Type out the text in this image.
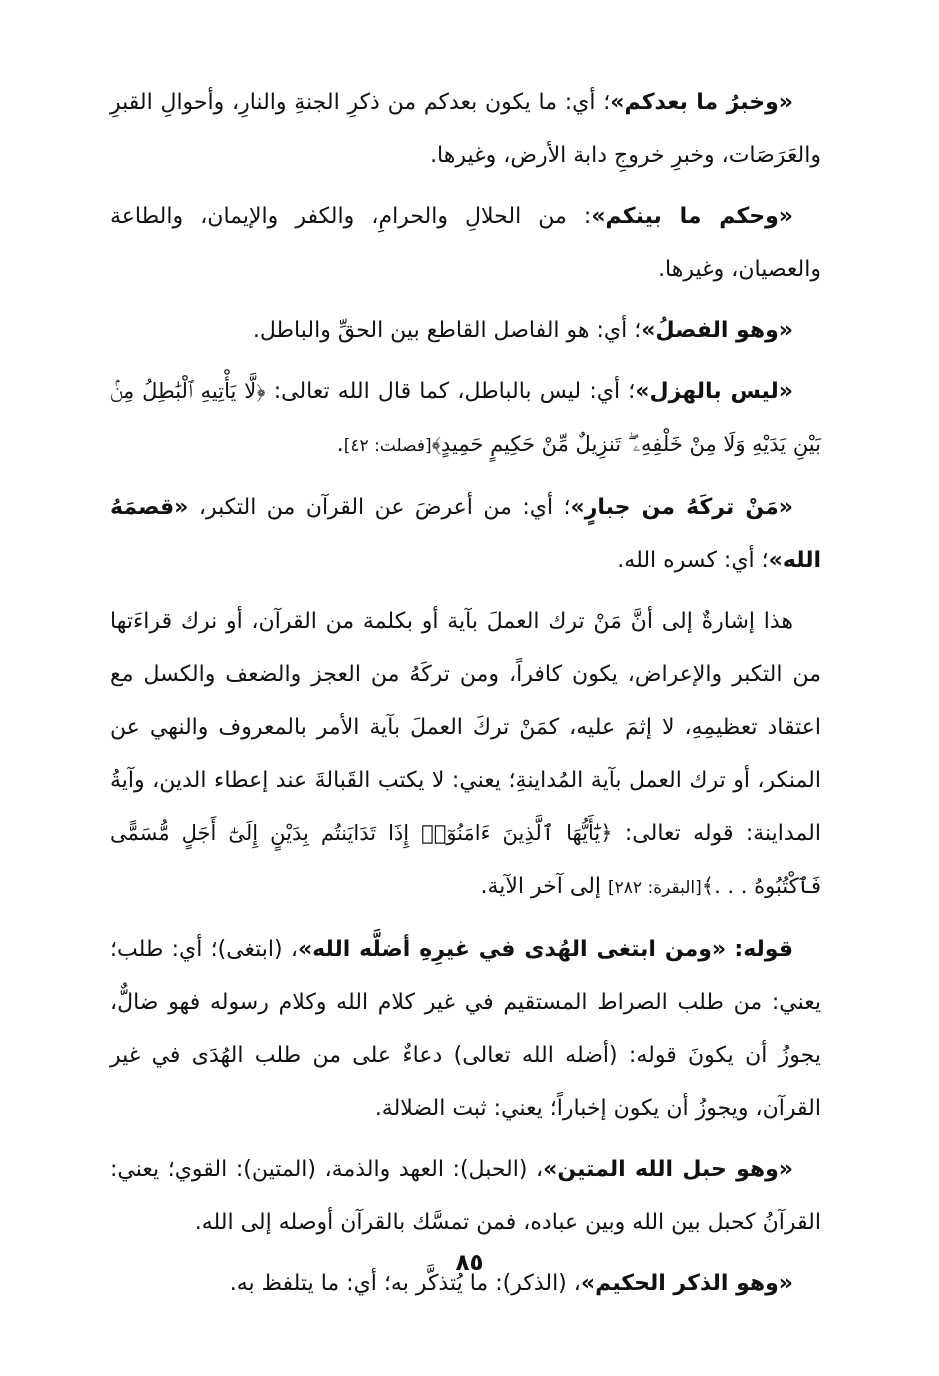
«وخبرُ ما بعدكم»؛ أي: ما يكون بعدكم من ذكرِ الجنةِ والنارِ، وأحوالِ القبرِ والعَرَصَات، وخبرِ خروجِ دابة الأرض، وغيرها.

«وحكم ما بينكم»: من الحلالِ والحرامِ، والكفر والإيمان، والطاعة والعصيان، وغيرها.

«وهو الفصلُ»؛ أي: هو الفاصل القاطع بين الحقِّ والباطل.

«ليس بالهزل»؛ أي: ليس بالباطل، كما قال الله تعالى: ﴿لَّا يَأْتِيهِ ٱلْبَٰطِلُ مِنۢ بَيْنِ يَدَيْهِ وَلَا مِنْ خَلْفِهِۦ ۖ تَنزِيلٌ مِّنْ حَكِيمٍ حَمِيدٍ﴾[فصلت: ٤٢].

«مَنْ تركَهُ من جبارٍ»؛ أي: من أعرضَ عن القرآن من التكبر، «قصمَهُ الله»؛ أي: كسره الله.

هذا إشارةٌ إلى أنَّ مَنْ ترك العملَ بآية أو بكلمة من القرآن، أو نرك قراءَتها من التكبر والإعراض، يكون كافراً، ومن تركَهُ من العجز والضعف والكسل مع اعتقاد تعظيمِهِ، لا إثمَ عليه، كمَنْ تركَ العملَ بآية الأمر بالمعروف والنهي عن المنكر، أو ترك العمل بآية المُداينةِ؛ يعني: لا يكتب القَبالةَ عند إعطاء الدين، وآيةُ المداينة: قوله تعالى: ﴿يَٰٓأَيُّهَا ٱلَّذِينَ ءَامَنُوٓا۟ إِذَا تَدَايَنتُم بِدَيْنٍ إِلَىٰٓ أَجَلٍ مُّسَمًّى فَٱكْتُبُوهُ . . .﴾[البقرة: ٢٨٢] إلى آخر الآية.

قوله: «ومن ابتغى الهُدى في غيرِهِ أضلَّه الله»، (ابتغى)؛ أي: طلب؛ يعني: من طلب الصراط المستقيم في غير كلام الله وكلام رسوله فهو ضالٌّ، يجوزُ أن يكونَ قوله: (أضله الله تعالى) دعاءٌ على من طلب الهُدَى في غير القرآن، ويجوزُ أن يكون إخباراً؛ يعني: ثبت الضلالة.

«وهو حبل الله المتين»، (الحبل): العهد والذمة، (المتين): القوي؛ يعني: القرآنُ كحبل بين الله وبين عباده، فمن تمسَّك بالقرآن أوصله إلى الله.

«وهو الذكر الحكيم»، (الذكر): ما يُتذكَّر به؛ أي: ما يتلفظ به.

٨٥
